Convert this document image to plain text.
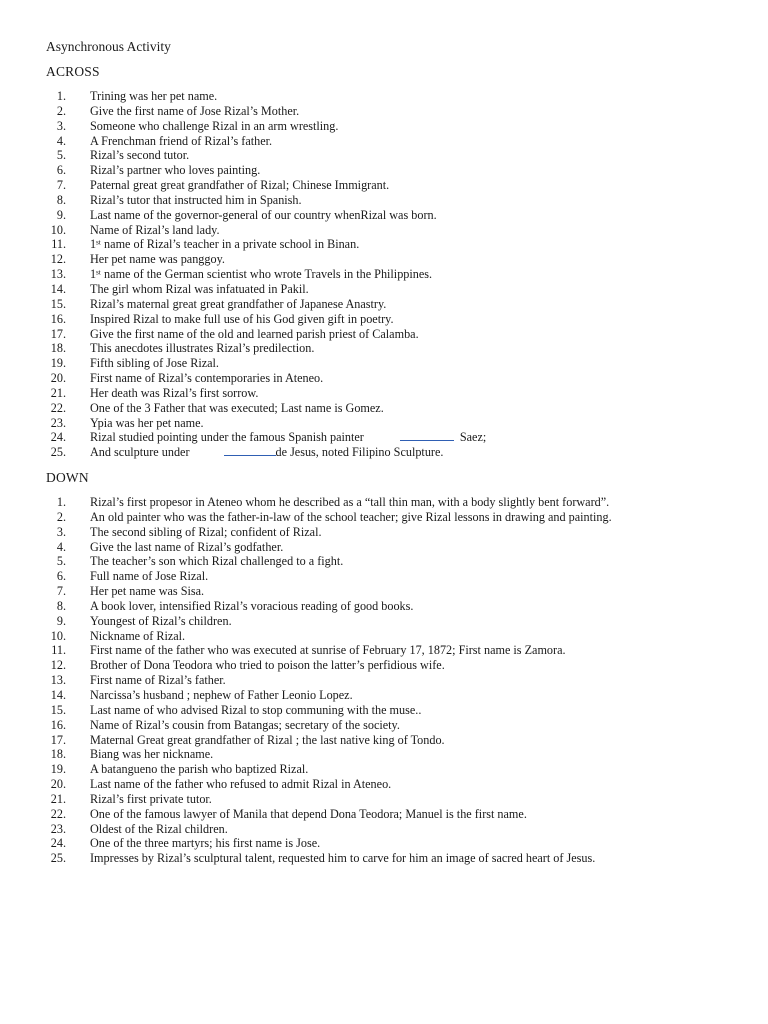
Asynchronous Activity
ACROSS
1. Trining was her pet name.
2. Give the first name of Jose Rizal’s Mother.
3. Someone who challenge Rizal in an arm wrestling.
4. A Frenchman friend of Rizal’s father.
5. Rizal’s second tutor.
6. Rizal’s partner who loves painting.
7. Paternal great great grandfather of Rizal; Chinese Immigrant.
8. Rizal’s tutor that instructed him in Spanish.
9. Last name of the governor-general of our country whenRizal was born.
10. Name of Rizal’s land lady.
11. 1ˢᵗ name of Rizal’s teacher in a private school in Binan.
12. Her pet name was panggoy.
13. 1ˢᵗ name of the German scientist who wrote Travels in the Philippines.
14. The girl whom Rizal was infatuated in Pakil.
15. Rizal’s maternal great great grandfather of Japanese Anastry.
16. Inspired Rizal to make full use of his God given gift in poetry.
17. Give the first name of the old and learned parish priest of Calamba.
18. This anecdotes illustrates Rizal’s predilection.
19. Fifth sibling of Jose Rizal.
20. First name of Rizal’s contemporaries in Ateneo.
21. Her death was Rizal’s first sorrow.
22. One of the 3 Father that was executed; Last name is Gomez.
23. Ypia was her pet name.
24. Rizal studied pointing under the famous Spanish painter	Saez;
25. And sculpture under	de Jesus, noted Filipino Sculpture.
DOWN
1. Rizal’s first propesor in Ateneo whom he described as a “tall thin man, with a body slightly bent forward”.
2. An old painter who was the father-in-law of the school teacher; give Rizal lessons in drawing and painting.
3. The second sibling of Rizal; confident of Rizal.
4. Give the last name of Rizal’s godfather.
5. The teacher’s son which Rizal challenged to a fight.
6. Full name of Jose Rizal.
7. Her pet name was Sisa.
8. A book lover, intensified Rizal’s voracious reading of good books.
9. Youngest of Rizal’s children.
10. Nickname of Rizal.
11. First name of the father who was executed at sunrise of February 17, 1872; First name is Zamora.
12. Brother of Dona Teodora who tried to poison the latter’s perfidious wife.
13. First name of Rizal’s father.
14. Narcissa’s husband ; nephew of Father Leonio Lopez.
15. Last name of who advised Rizal to stop communing with the muse..
16. Name of Rizal’s cousin from Batangas; secretary of the society.
17. Maternal Great great grandfather of Rizal ; the last native king of Tondo.
18. Biang was her nickname.
19. A batangueno the parish who baptized Rizal.
20. Last name of the father who refused to admit Rizal in Ateneo.
21. Rizal’s first private tutor.
22. One of the famous lawyer of Manila that depend Dona Teodora; Manuel is the first name.
23. Oldest of the Rizal children.
24. One of the three martyrs; his first name is Jose.
25. Impresses by Rizal’s sculptural talent, requested him to carve for him an image of sacred heart of Jesus.
